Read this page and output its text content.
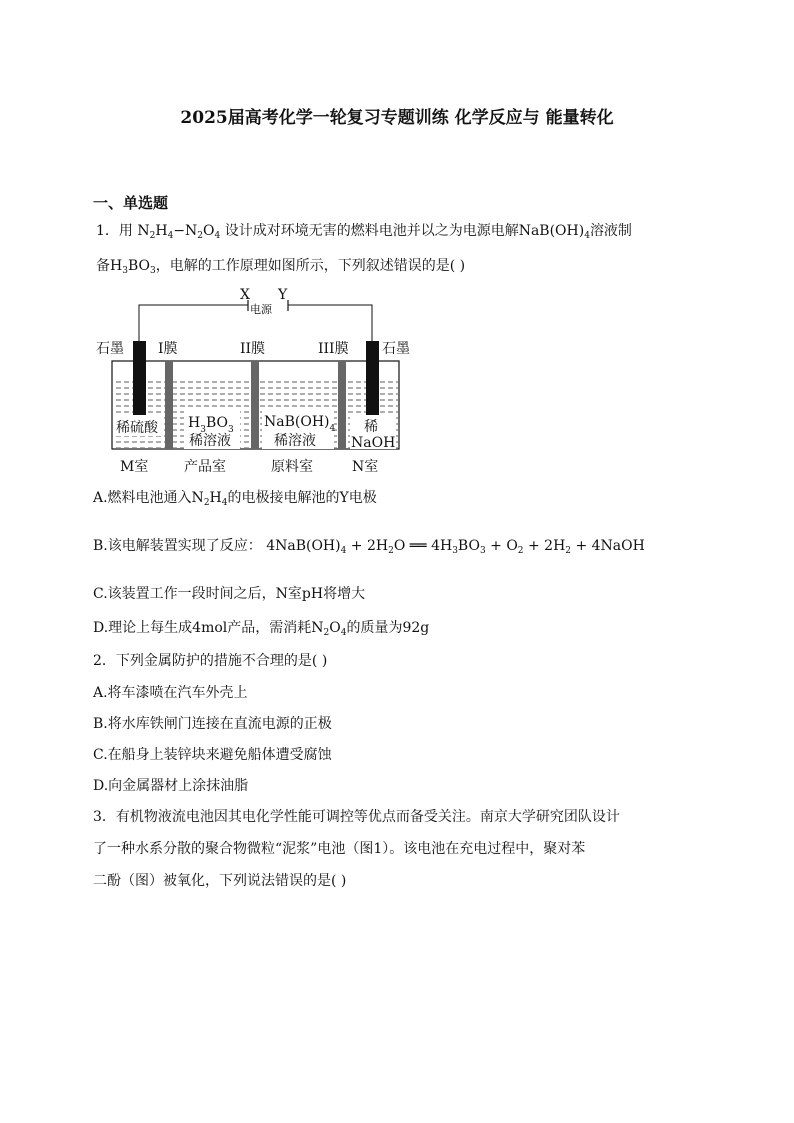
2025届高考化学一轮复习专题训练 化学反应与 能量转化
一、单选题
1．用 $N_2H_4-N_2O_4$ 设计成对环境无害的燃料电池并以之为电源电解$NaB(OH)_4$溶液制
备$H_3BO_3$，电解的工作原理如图所示，下列叙述错误的是( )
X Y
电源
石墨 I膜	II膜	III膜 石墨
稀硫酸 $H_3BO_3$
稀溶液
$NaB(OH)_4$
稀溶液
稀
NaOH
M室	产品室	原料室	N室
A.燃料电池通入$N_2H_4$的电极接电解池的Y电极
B.该电解装置实现了反应： $4NaB(OH)_4 + 2H_2O$ ══ $4H_3BO_3 + O_2 + 2H_2$ + 4NaOH
C.该装置工作一段时间之后，N室pH将增大
D.理论上每生成4mol产品，需消耗$N_2O_4$的质量为92g
2．下列金属防护的措施不合理的是( )
A.将车漆喷在汽车外壳上
B.将水库铁闸门连接在直流电源的正极
C.在船身上装锌块来避免船体遭受腐蚀
D.向金属器材上涂抹油脂
3．有机物液流电池因其电化学性能可调控等优点而备受关注。南京大学研究团队设计
了一种水系分散的聚合物微粒“泥浆”电池（图1）。该电池在充电过程中，聚对苯
二酚（图）被氧化，下列说法错误的是( )
